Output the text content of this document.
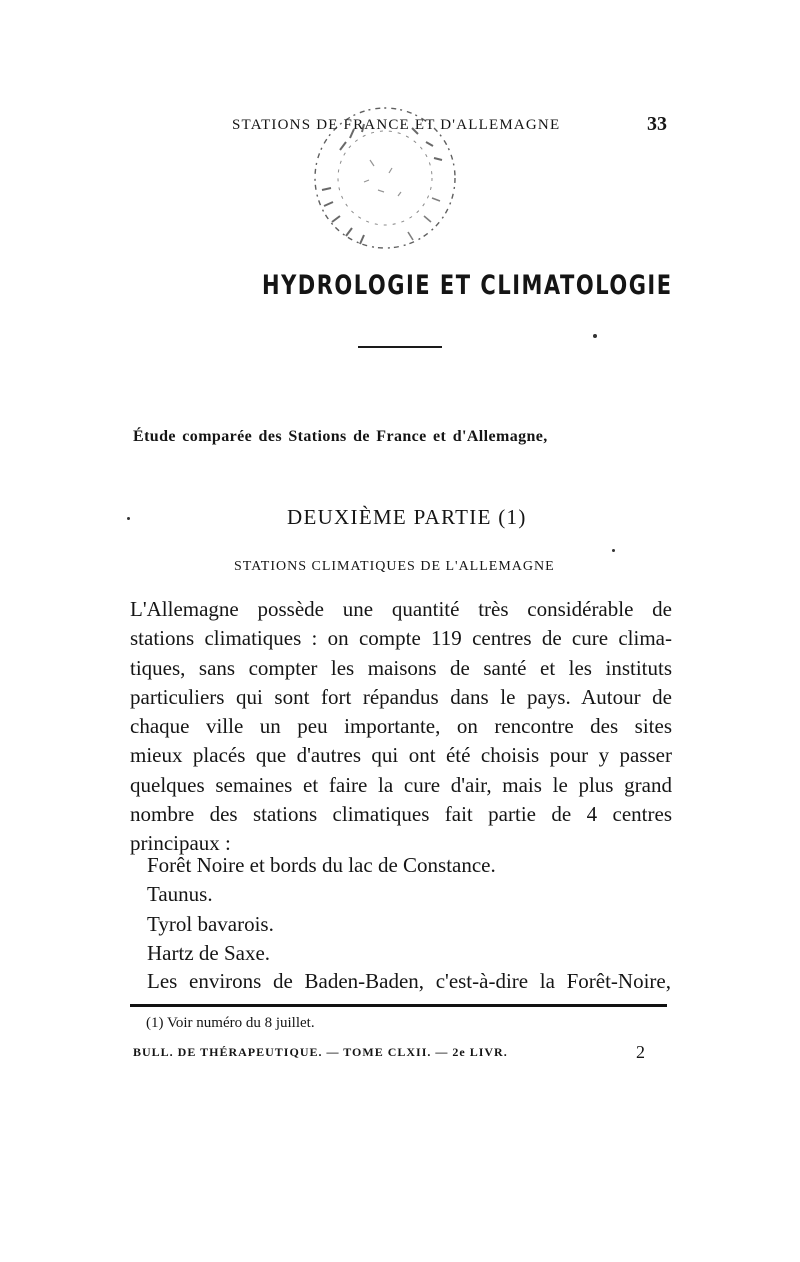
STATIONS DE FRANCE ET D'ALLEMAGNE	33
HYDROLOGIE ET CLIMATOLOGIE
Étude comparée des Stations de France et d'Allemagne,
DEUXIÈME PARTIE (1)
STATIONS CLIMATIQUES DE L'ALLEMAGNE
L'Allemagne possède une quantité très considérable de
stations climatiques : on compte 119 centres de cure clima-
tiques, sans compter les maisons de santé et les instituts
particuliers qui sont fort répandus dans le pays. Autour de
chaque ville un peu importante, on rencontre des sites
mieux placés que d'autres qui ont été choisis pour y passer
quelques semaines et faire la cure d'air, mais le plus grand
nombre des stations climatiques fait partie de 4 centres
principaux :
Forêt Noire et bords du lac de Constance.
Taunus.
Tyrol bavarois.
Hartz de Saxe.
Les environs de Baden-Baden, c'est-à-dire la Forêt-Noire,
(1) Voir numéro du 8 juillet.
BULL. DE THÉRAPEUTIQUE. — TOME CLXII. — 2e LIVR.	2
